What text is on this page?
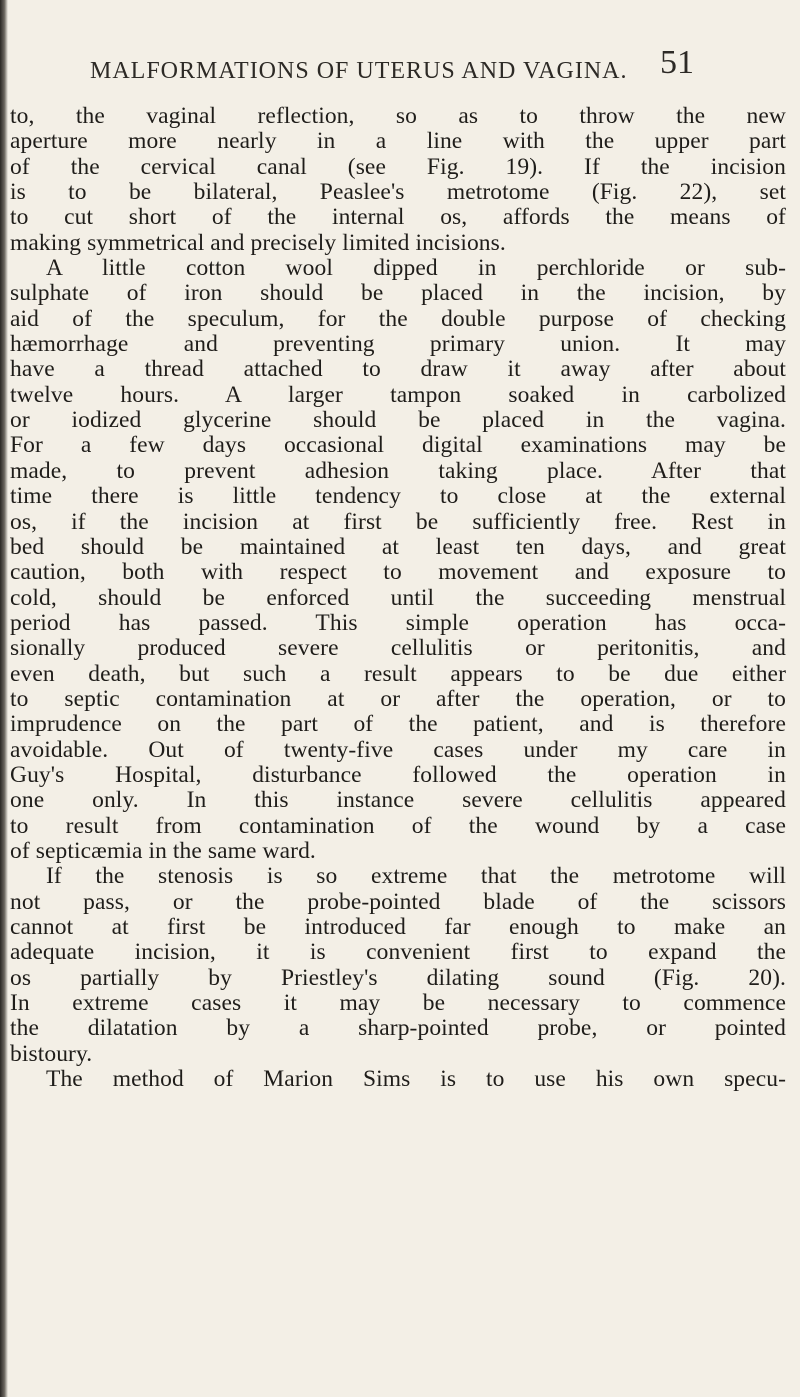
MALFORMATIONS OF UTERUS AND VAGINA. 51
to, the vaginal reflection, so as to throw the new
aperture more nearly in a line with the upper part
of the cervical canal (see Fig. 19). If the incision
is to be bilateral, Peaslee's metrotome (Fig. 22), set
to cut short of the internal os, affords the means of
making symmetrical and precisely limited incisions.
A little cotton wool dipped in perchloride or sub-
sulphate of iron should be placed in the incision, by
aid of the speculum, for the double purpose of checking
hæmorrhage and preventing primary union. It may
have a thread attached to draw it away after about
twelve hours. A larger tampon soaked in carbolized
or iodized glycerine should be placed in the vagina.
For a few days occasional digital examinations may be
made, to prevent adhesion taking place. After that
time there is little tendency to close at the external
os, if the incision at first be sufficiently free. Rest in
bed should be maintained at least ten days, and great
caution, both with respect to movement and exposure to
cold, should be enforced until the succeeding menstrual
period has passed. This simple operation has occa-
sionally produced severe cellulitis or peritonitis, and
even death, but such a result appears to be due either
to septic contamination at or after the operation, or to
imprudence on the part of the patient, and is therefore
avoidable. Out of twenty-five cases under my care in
Guy's Hospital, disturbance followed the operation in
one only. In this instance severe cellulitis appeared
to result from contamination of the wound by a case
of septicæmia in the same ward.
If the stenosis is so extreme that the metrotome will
not pass, or the probe-pointed blade of the scissors
cannot at first be introduced far enough to make an
adequate incision, it is convenient first to expand the
os partially by Priestley's dilating sound (Fig. 20).
In extreme cases it may be necessary to commence
the dilatation by a sharp-pointed probe, or pointed
bistoury.
The method of Marion Sims is to use his own specu-
